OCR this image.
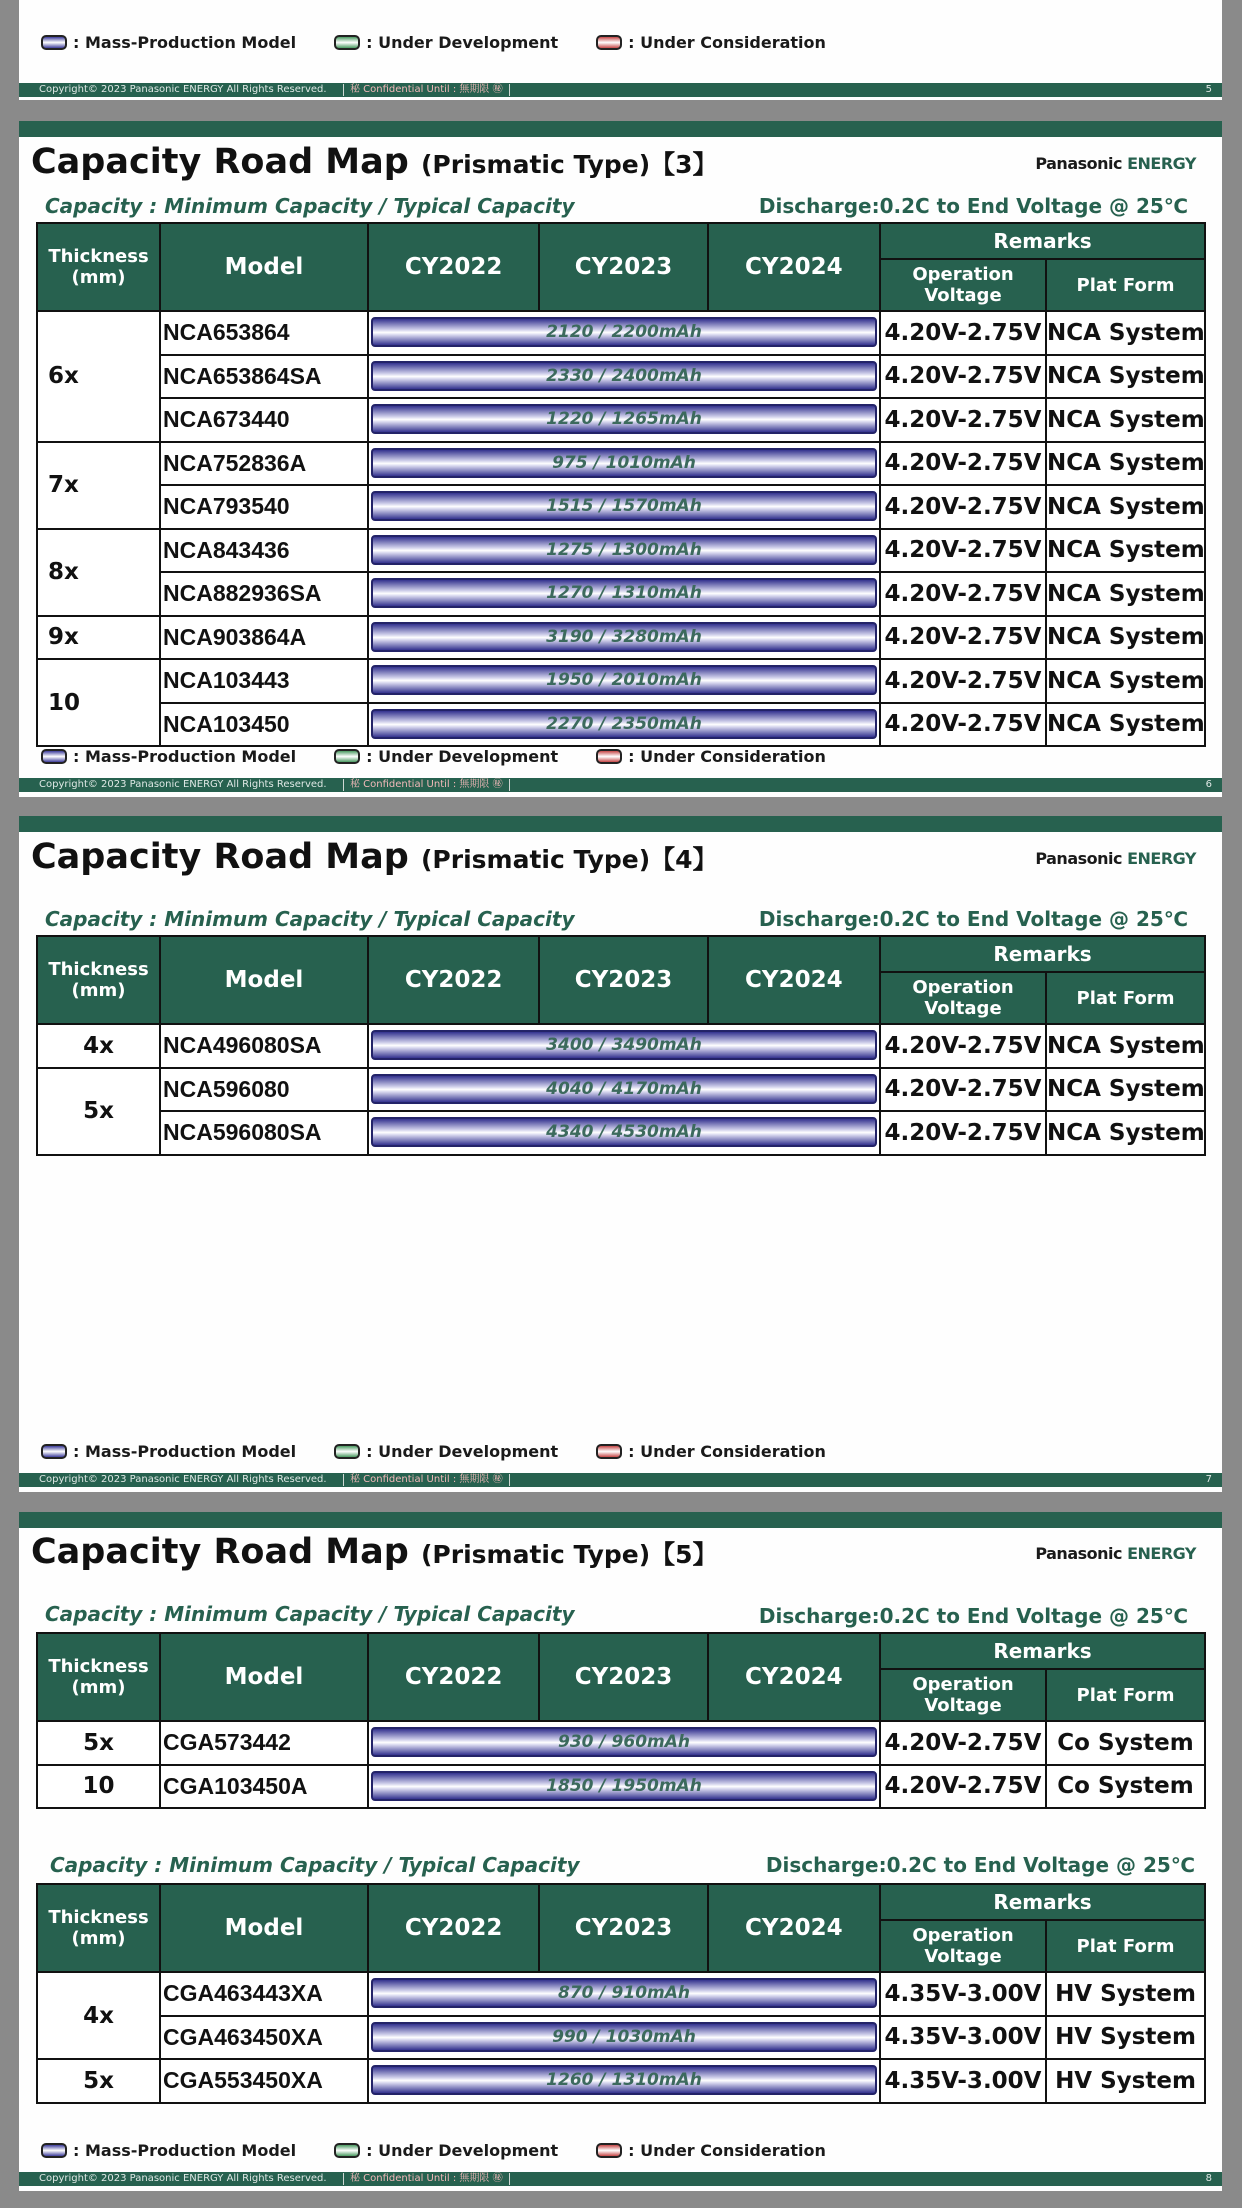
: Mass-Production Model	: Under Development	: Under Consideration
Copyright© 2023 Panasonic ENERGY All Rights Reserved.	秘 Confidential Until : 無期限 ㊙	5
Capacity Road Map (Prismatic Type)【3】	Panasonic ENERGY
Capacity : Minimum Capacity / Typical Capacity	Discharge:0.2C to End Voltage @ 25℃
Thickness (mm)	Model	CY2022 CY2023 CY2024	Remarks	
			Operation Voltage	Plat Form
6x	NCA653864	2120 / 2200mAh	4.20V-2.75V	NCA System
	NCA653864SA	2330 / 2400mAh	4.20V-2.75V	NCA System
	NCA673440	1220 / 1265mAh	4.20V-2.75V	NCA System
7x	NCA752836A	975 / 1010mAh	4.20V-2.75V	NCA System
	NCA793540	1515 / 1570mAh	4.20V-2.75V	NCA System
8x	NCA843436	1275 / 1300mAh	4.20V-2.75V	NCA System
	NCA882936SA	1270 / 1310mAh	4.20V-2.75V	NCA System
9x	NCA903864A	3190 / 3280mAh	4.20V-2.75V	NCA System
10	NCA103443	1950 / 2010mAh	4.20V-2.75V	NCA System
	NCA103450	2270 / 2350mAh	4.20V-2.75V	NCA System
: Mass-Production Model	: Under Development	: Under Consideration
Copyright© 2023 Panasonic ENERGY All Rights Reserved.	秘 Confidential Until : 無期限 ㊙	6
Capacity Road Map (Prismatic Type)【4】	Panasonic ENERGY
Capacity : Minimum Capacity / Typical Capacity	Discharge:0.2C to End Voltage @ 25℃
Thickness (mm)	Model	CY2022 CY2023 CY2024	Remarks	
			Operation Voltage	Plat Form
4x	NCA496080SA	3400 / 3490mAh	4.20V-2.75V	NCA System
5x	NCA596080	4040 / 4170mAh	4.20V-2.75V	NCA System
	NCA596080SA	4340 / 4530mAh	4.20V-2.75V	NCA System
: Mass-Production Model	: Under Development	: Under Consideration
Copyright© 2023 Panasonic ENERGY All Rights Reserved.	秘 Confidential Until : 無期限 ㊙	7
Capacity Road Map (Prismatic Type)【5】	Panasonic ENERGY
Capacity : Minimum Capacity / Typical Capacity	Discharge:0.2C to End Voltage @ 25℃
Thickness (mm)	Model	CY2022 CY2023 CY2024	Remarks	
			Operation Voltage	Plat Form
5x	CGA573442	930 / 960mAh	4.20V-2.75V	Co System
10	CGA103450A	1850 / 1950mAh	4.20V-2.75V	Co System
Capacity : Minimum Capacity / Typical Capacity	Discharge:0.2C to End Voltage @ 25℃
Thickness (mm)	Model	CY2022 CY2023 CY2024	Remarks	
			Operation Voltage	Plat Form
4x	CGA463443XA	870 / 910mAh	4.35V-3.00V	HV System
	CGA463450XA	990 / 1030mAh	4.35V-3.00V	HV System
5x	CGA553450XA	1260 / 1310mAh	4.35V-3.00V	HV System
: Mass-Production Model	: Under Development	: Under Consideration
Copyright© 2023 Panasonic ENERGY All Rights Reserved.	秘 Confidential Until : 無期限 ㊙	8
